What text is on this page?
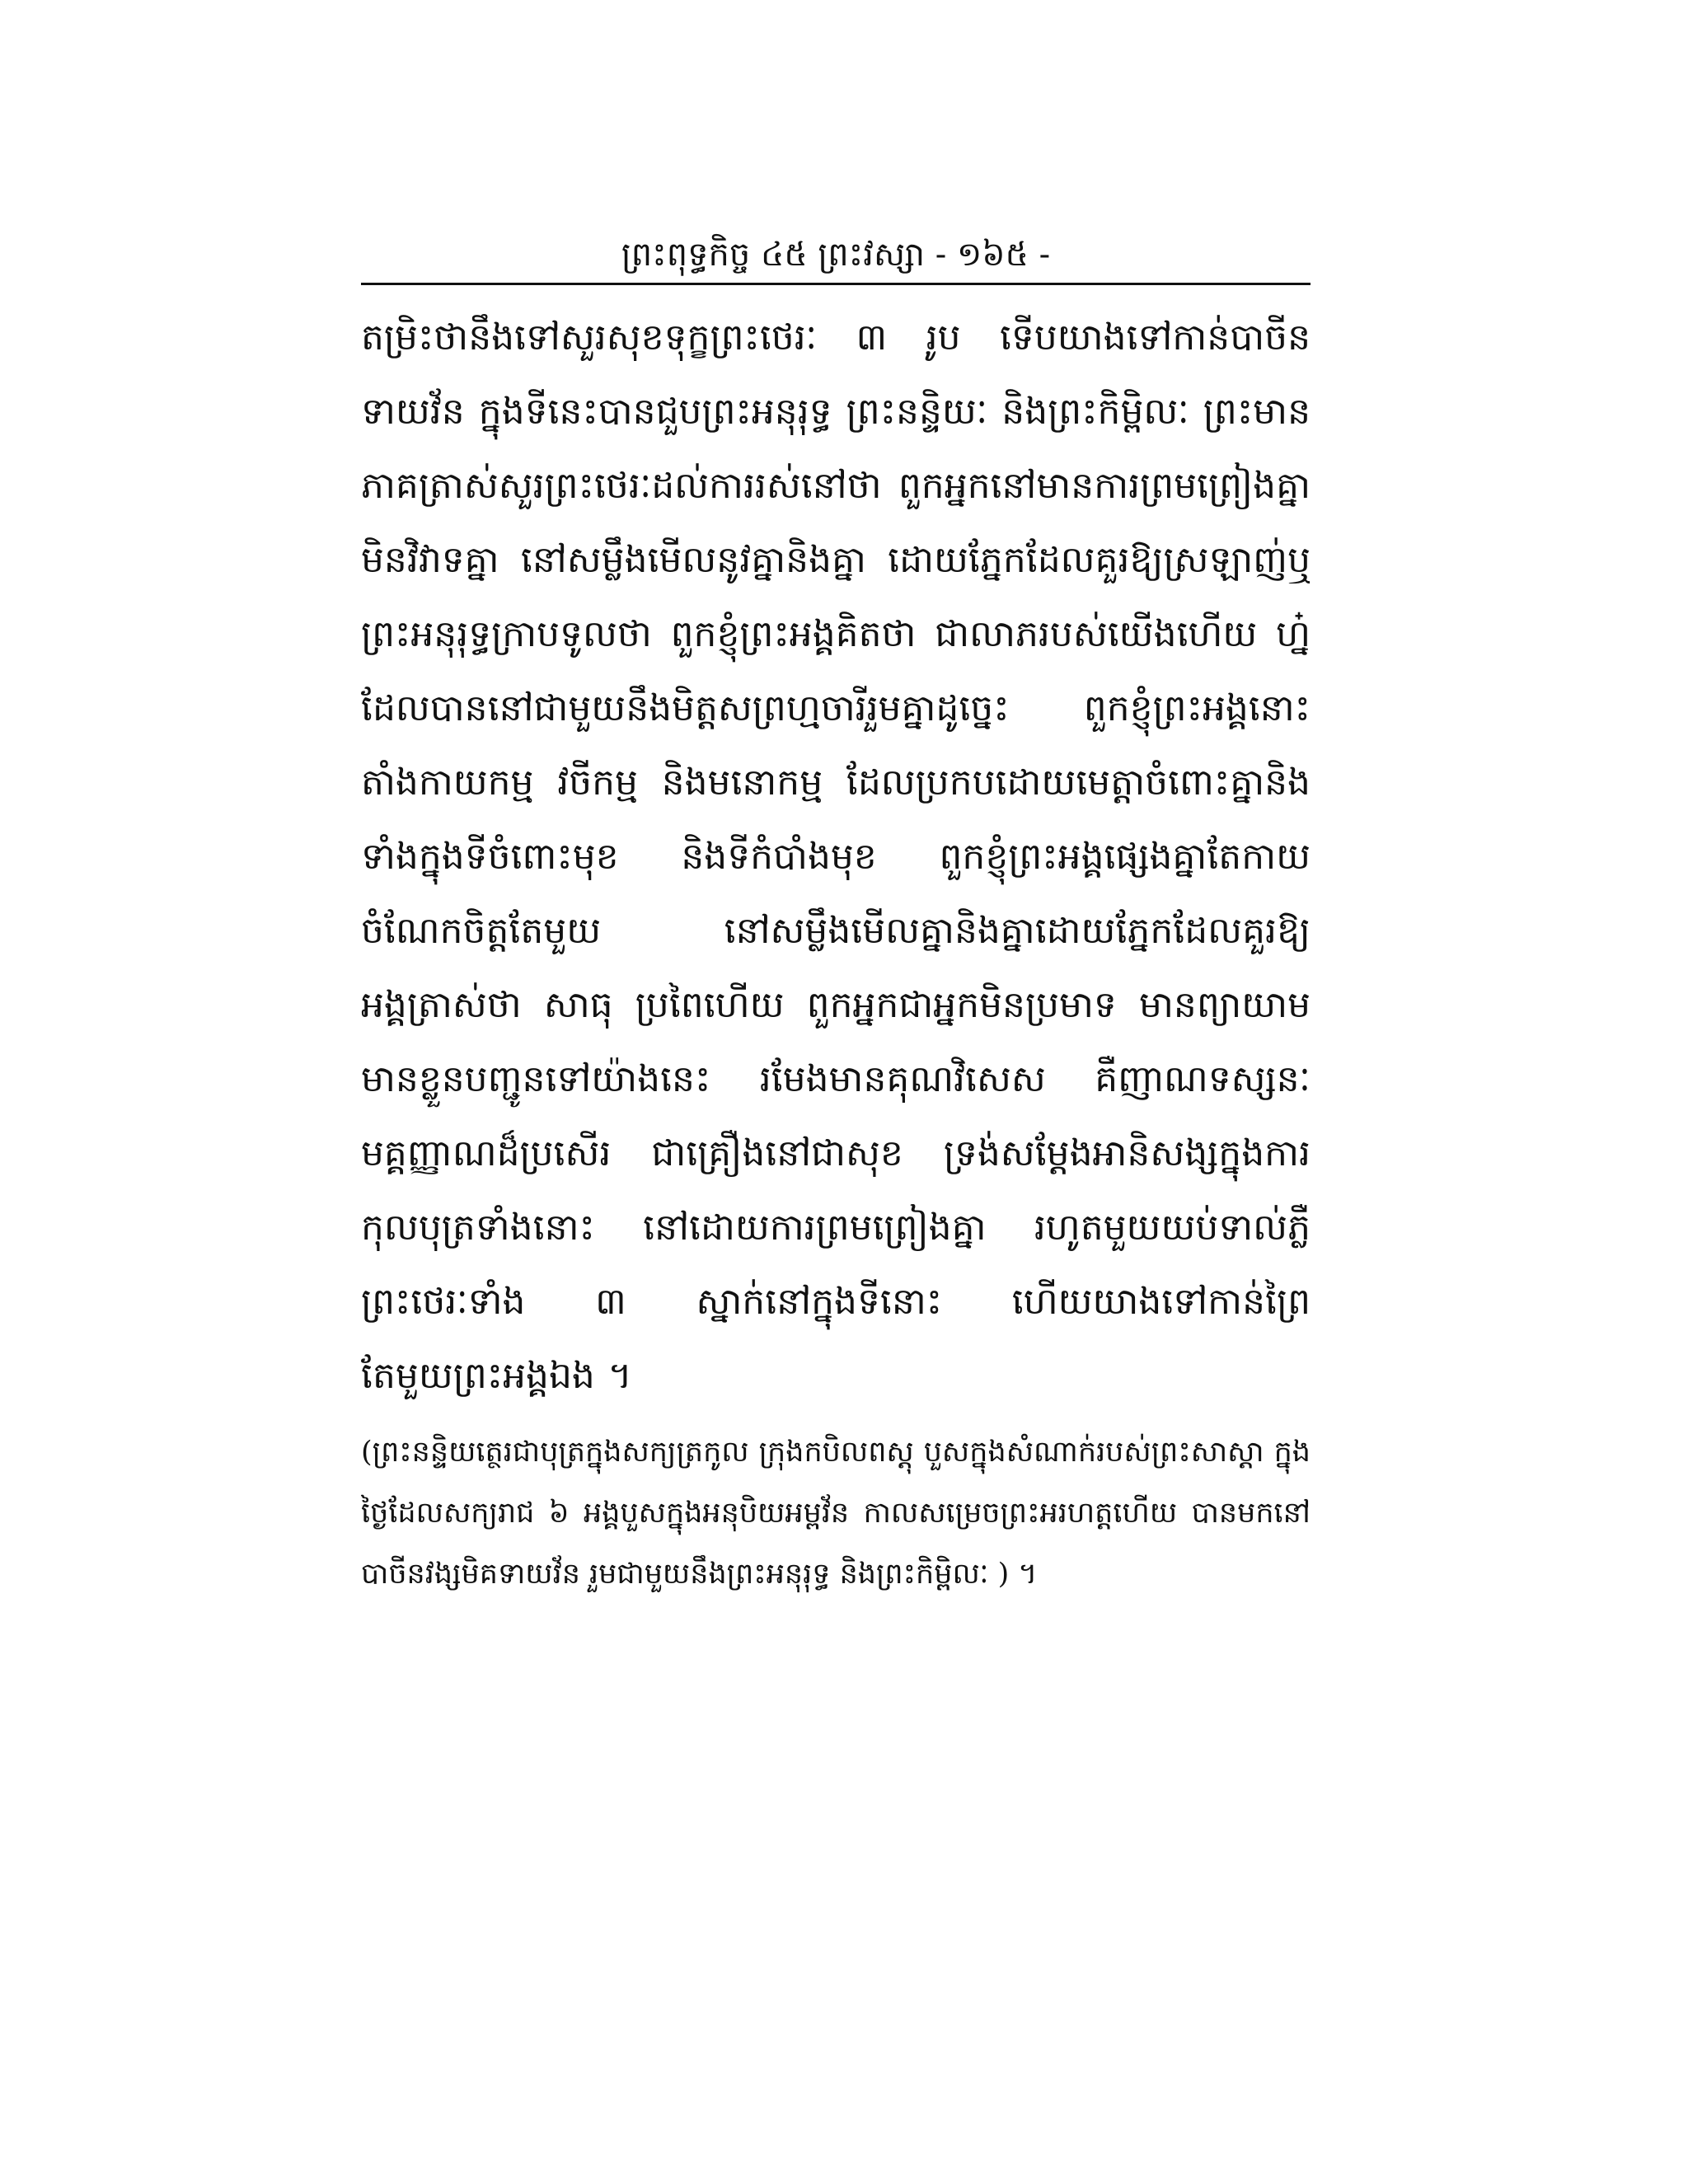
ព្រះពុទ្ធកិច្ច ៤៥ ព្រះវស្សា - ១៦៥ -
តម្រិះថានឹងទៅសួរសុខទុក្ខព្រះថេរៈ ៣ រូប ទើបយាងទៅកាន់បាចីន
ទាយវ័ន ក្នុងទីនេះបានជួបព្រះអនុរុទ្ធ ព្រះនន្ទិយៈ និងព្រះកិម្ពិលៈ ព្រះមាន
ភាគត្រាស់សួរព្រះថេរៈដល់ការរស់នៅថា ពួកអ្នកនៅមានការព្រមព្រៀងគ្នា
មិនវិវាទគ្នា នៅសម្លឹងមើលនូវគ្នានិងគ្នា ដោយភ្នែកដែលគួរឱ្យស្រឡាញ់ឬ
ព្រះអនុរុទ្ធក្រាបទូលថា ពួកខ្ញុំព្រះអង្គគិតថា ជាលាភរបស់យើងហើយ ហ្ន៎
ដែលបាននៅជាមួយនឹងមិត្តសព្រហ្មចារីរួមគ្នាដូច្នេះ ពួកខ្ញុំព្រះអង្គនោះ
តាំងកាយកម្ម វចីកម្ម និងមនោកម្ម ដែលប្រកបដោយមេត្តាចំពោះគ្នានិង
ទាំងក្នុងទីចំពោះមុខ និងទីកំបាំងមុខ ពួកខ្ញុំព្រះអង្គផ្សេងគ្នាតែកាយ
ចំណែកចិត្តតែមួយ នៅសម្លឹងមើលគ្នានិងគ្នាដោយភ្នែកដែលគួរឱ្យ
អង្គត្រាស់ថា សាធុ ប្រពៃហើយ ពួកអ្នកជាអ្នកមិនប្រមាទ មានព្យាយាម
មានខ្លួនបញ្ជូនទៅយ៉ាងនេះ រមែងមានគុណវិសេស គឺញាណទស្សនៈ
មគ្គញ្ញាណដ៏ប្រសើរ ជាគ្រឿងនៅជាសុខ ទ្រង់សម្ដែងអានិសង្សក្នុងការ
កុលបុត្រទាំងនោះ នៅដោយការព្រមព្រៀងគ្នា រហូតមួយយប់ទាល់ភ្លឺ
ព្រះថេរៈទាំង ៣ ស្នាក់នៅក្នុងទីនោះ ហើយយាងទៅកាន់ព្រៃ
តែមួយព្រះអង្គឯង ។
(ព្រះនន្ទិយត្ថេរជាបុត្រក្នុងសក្យត្រកូល ក្រុងកបិលពស្តុ បួសក្នុងសំណាក់របស់ព្រះសាស្ដា ក្នុង
ថ្ងៃដែលសក្យរាជ ៦ អង្គបួសក្នុងអនុបិយអម្ពវ័ន កាលសម្រេចព្រះអរហត្តហើយ បានមកនៅ
បាចីនវង្សមិគទាយវ័ន រួមជាមួយនឹងព្រះអនុរុទ្ធ និងព្រះកិម្ពិលៈ ) ។
